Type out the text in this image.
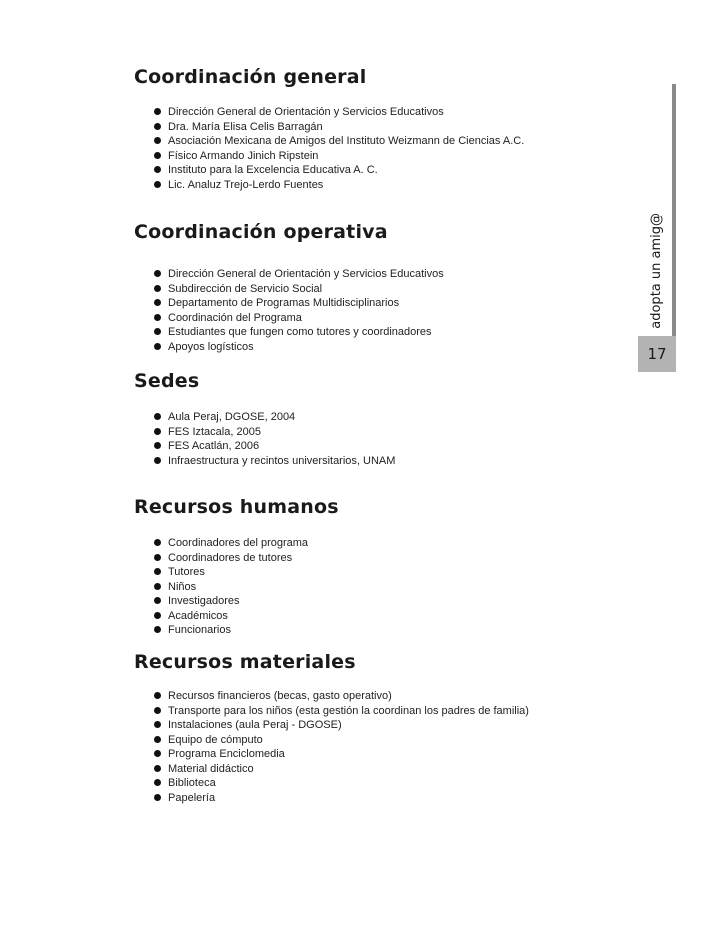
Coordinación general
Dirección General de Orientación y Servicios Educativos
Dra. María Elisa Celis Barragán
Asociación Mexicana de Amigos del Instituto Weizmann de Ciencias A.C.
Físico Armando Jinich Ripstein
Instituto para la Excelencia Educativa A. C.
Lic. Analuz Trejo-Lerdo Fuentes
Coordinación operativa
Dirección General de Orientación y Servicios Educativos
Subdirección de Servicio Social
Departamento de Programas Multidisciplinarios
Coordinación del Programa
Estudiantes que fungen como tutores y coordinadores
Apoyos logísticos
Sedes
Aula Peraj, DGOSE, 2004
FES Iztacala, 2005
FES Acatlán, 2006
Infraestructura y recintos universitarios, UNAM
Recursos humanos
Coordinadores del programa
Coordinadores de tutores
Tutores
Niños
Investigadores
Académicos
Funcionarios
Recursos materiales
Recursos financieros (becas, gasto operativo)
Transporte para los niños (esta gestión la coordinan los padres de familia)
Instalaciones (aula Peraj - DGOSE)
Equipo de cómputo
Programa Enciclomedia
Material didáctico
Biblioteca
Papelería
adopta un amig@
17
